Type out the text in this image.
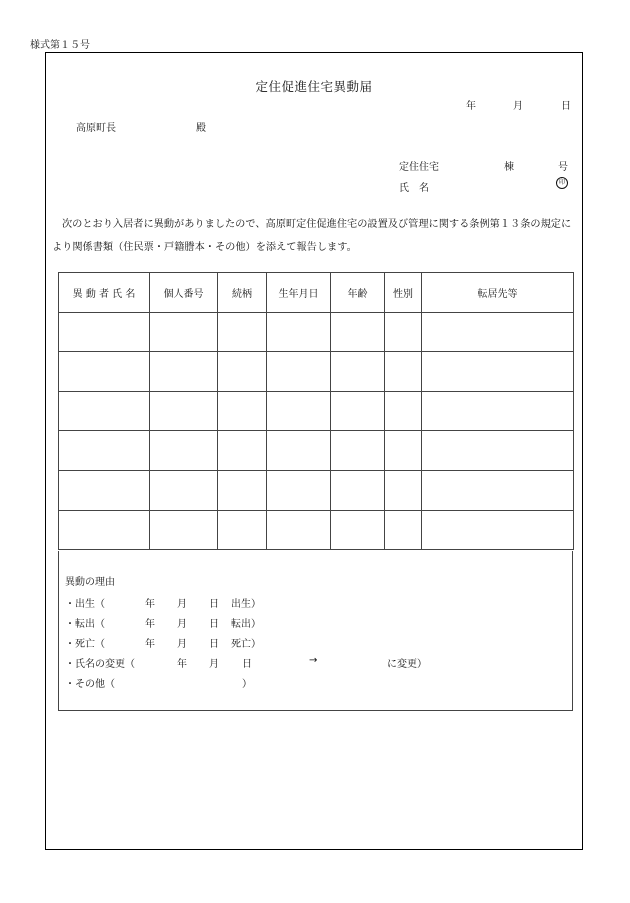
様式第１５号
定住促進住宅異動届
年	月	日
高原町長	殿
定住住宅	棟	号
氏名
印
次のとおり入居者に異動がありましたので、高原町定住促進住宅の設置及び管理に関する条例第１３条の規定により関係書類（住民票・戸籍謄本・その他）を添えて報告します。
異 動 者 氏 名	個人番号	続柄	生年月日	年齢	性別	転居先等

異動の理由
・出生（	年 月 日 出生）
・転出（	年 月 日 転出）
・死亡（	年 月 日 死亡）
・氏名の変更（	年 月 日	→	に変更）
・その他（	）
